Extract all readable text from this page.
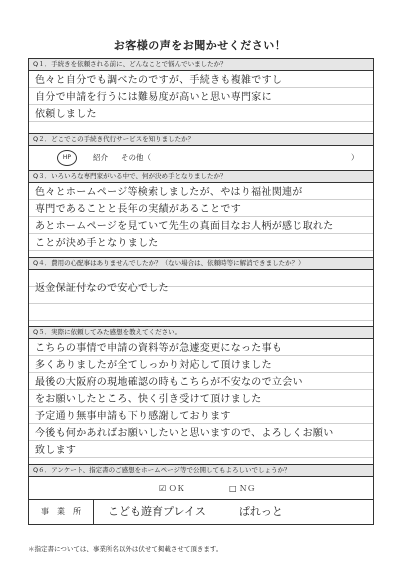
お客様の声をお聞かせください！
Q１．手続きを依頼される前に、どんなことで悩んでいましたか？
色々と自分でも調べたのですが、手続きも複雑ですし
自分で申請を行うには難易度が高いと思い専門家に
依頼しました
Q２．どこでこの手続き代行サービスを知りましたか？
HP	紹介 その他（	）
Q３．いろいろな専門家がいる中で、何が決め手となりましたか？
色々とホームページ等検索しましたが、やはり福祉関連が
専門であることと長年の実績があることです
あとホームページを見ていて先生の真面目なお人柄が感じ取れた
ことが決め手となりました
Q４．費用の心配事はありませんでしたか？（ない場合は、依頼時等に解消できましたか？）
返金保証付なので安心でした
Q５．実際に依頼してみた感想を教えてください。
こちらの事情で申請の資料等が急遽変更になった事も
多くありましたが全てしっかり対応して頂けました
最後の大阪府の現地確認の時もこちらが不安なので立会い
をお願いしたところ、快く引き受けて頂けました
予定通り無事申請も下り感謝しております
今後も何かあればお願いしたいと思いますので、よろしくお願い
致します
Q６．アンケート、指定書のご感想をホームページ等で公開してもよろしいでしょうか？
☑ ＯＫ	□ ＮＧ
事　業　所	こども遊育プレイス　　　ぱれっと
＊指定書については、事業所名以外は伏せて掲載させて頂きます。
